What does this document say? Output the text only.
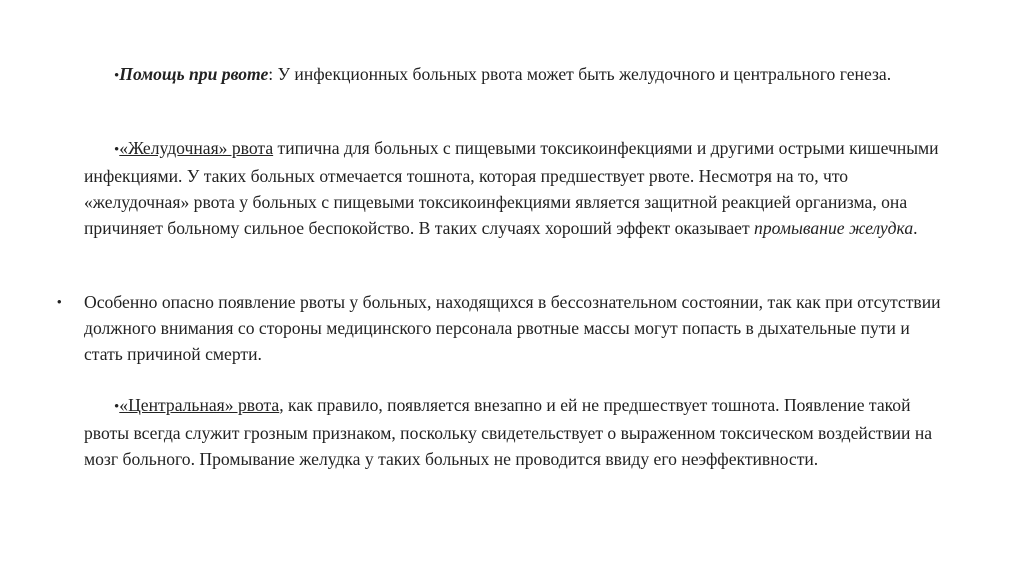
•Помощь при рвоте: У инфекционных больных рвота может быть желудочного и центрального генеза.

•«Желудочная» рвота типична для больных с пищевыми токсикоинфекциями и другими острыми кишечными инфекциями. У таких больных отмечается тошнота, которая предшествует рвоте. Несмотря на то, что «желудочная» рвота у больных с пищевыми токсикоинфекциями является защитной реакцией организма, она причиняет больному сильное беспокойство. В таких случаях хороший эффект оказывает промывание желудка.

• Особенно опасно появление рвоты у больных, находящихся в бессознательном состоянии, так как при отсутствии должного внимания со стороны медицинского персонала рвотные массы могут попасть в дыхательные пути и стать причиной смерти.

•«Центральная» рвота, как правило, появляется внезапно и ей не предшествует тошнота. Появление такой рвоты всегда служит грозным признаком, поскольку свидетельствует о выраженном токсическом воздействии на мозг больного. Промывание желудка у таких больных не проводится ввиду его неэффективности.
